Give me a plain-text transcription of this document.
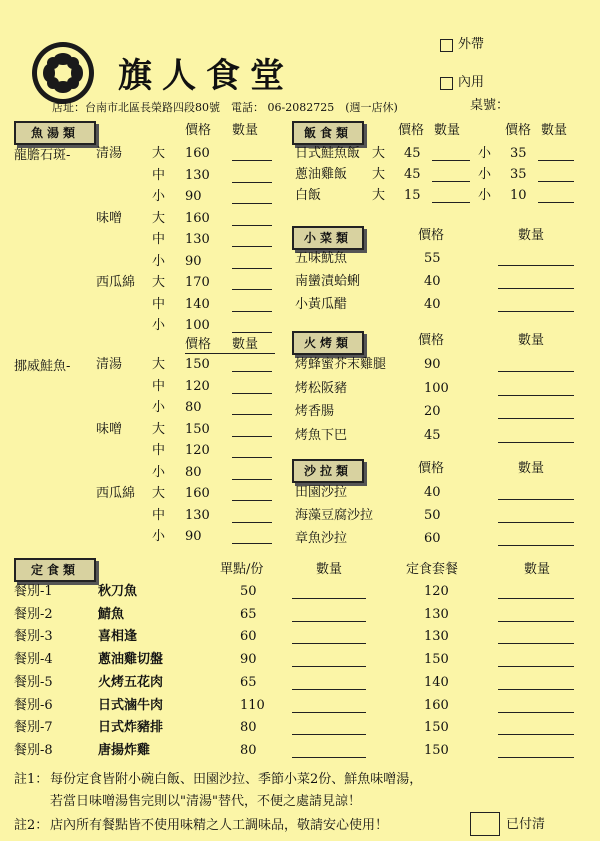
旗人食堂
外帶
內用
店址：台南市北區長榮路四段80號　電話： 06-2082725　(週一店休)	桌號：
魚湯類	價格 數量
龍膽石斑-
價格 數量
挪威鮭魚-
清湯 大 160
中 130
小 90
味噌 大 160
中 130
小 90
西瓜綿 大 170
中 140
小 100
清湯 大 150
中 120
小 80
味噌 大 150
中 120
小 80
西瓜綿 大 160
中 130
小 90
飯食類	價格 數量	價格 數量
日式鮭魚飯 大 45	小 35
蔥油雞飯 大 45	小 35
白飯	大 15	小 10
小菜類	價格	數量
五味魷魚	55
南蠻漬蛤蜊	40
小黃瓜醋	40
火烤類	價格	數量
烤蜂蜜芥末雞腿	90
烤松阪豬	100
烤香腸	20
烤魚下巴	45
沙拉類	價格	數量
田園沙拉	40
海藻豆腐沙拉	50
章魚沙拉	60
定食類	單點/份	數量	定食套餐	數量
餐別-1	秋刀魚	50	120
餐別-2	鯖魚	65	130
餐別-3	喜相逢	60	130
餐別-4	蔥油雞切盤	90	150
餐別-5	火烤五花肉	65	140
餐別-6	日式滷牛肉	110	160
餐別-7	日式炸豬排	80	150
餐別-8	唐揚炸雞	80	150
註1： 每份定食皆附小碗白飯、田園沙拉、季節小菜2份、鮮魚味噌湯，
若當日味噌湯售完則以"清湯"替代，不便之處請見諒！
註2： 店內所有餐點皆不使用味精之人工調味品，敬請安心使用！	已付清
